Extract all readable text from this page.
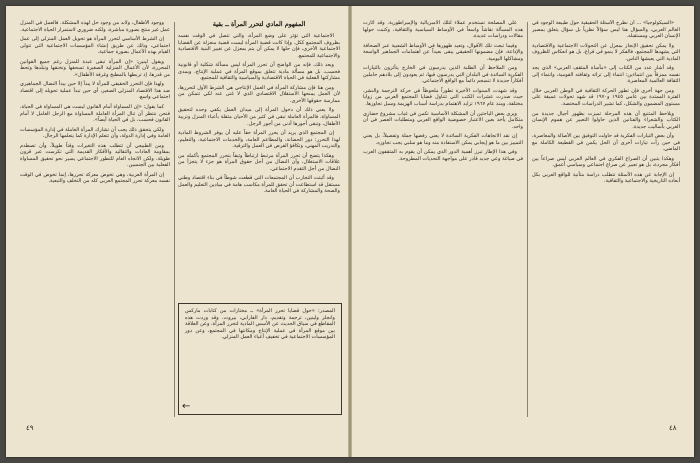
المفهوم المادي لتحرر المرأة ــ بقية

الاجتماعية التي تؤثر على وضع المرأة، والتي تتصل في الوقت نفسه بظروف المجتمع ككل. وإذا كانت قضية المرأة ليست قضية منعزلة عن القضايا الاجتماعية الأخرى، فإن حلها لا يمكن أن يتم بمعزل عن تغيير البنية الاقتصادية والاجتماعية للمجتمع.

وبعد ذلك، فإنه من الواضح أن تحرر المرأة ليس مسألة شكلية أو قانونية فحسب، بل هو مسألة مادية تتعلق بموقع المرأة في عملية الإنتاج، وبمدى مشاركتها الفعلية في الحياة الاقتصادية والسياسية والثقافية للمجتمع.

ومن هنا فإن مشاركة المرأة في العمل الإنتاجي هي الشرط الأول لتحررها، لأن العمل يمنحها الاستقلال الاقتصادي الذي لا غنى عنه لكي تتمكن من ممارسة حقوقها الأخرى.

ولا يعني ذلك أن دخول المرأة إلى ميدان العمل يكفي وحده لتحقيق المساواة، فالمرأة العاملة تبقى في كثير من الأحيان مثقلة بأعباء المنزل وتربية الأطفال، وتبقى أجورها أدنى من أجور الرجل.

إن المجتمع الذي يريد أن يحرر المرأة حقاً عليه أن يوفر الشروط المادية لهذا التحرر: دور الحضانة، والمطاعم العامة، والخدمات الاجتماعية، والتعليم، والتدريب المهني، وتكافؤ الفرص في العمل والترقية.

وهكذا يتضح أن تحرر المرأة مرتبط ارتباطاً وثيقاً بتحرر المجتمع بأكمله من علاقات الاستغلال، وأن النضال من أجل حقوق المرأة هو جزء لا يتجزأ من النضال من أجل التقدم الاجتماعي.

وقد أثبتت التجارب أن المجتمعات التي قطعت شوطاً في بناء اقتصاد وطني مستقل قد استطاعت أن تحقق للمرأة مكاسب هامة في ميادين التعليم والعمل والصحة والمشاركة في الحياة العامة.

ووجود الأطفال، ولابد من وجود حل لهذه المشكلة. فالعمل في المنزل عمل غير منتج بصورة مباشرة، ولكنه ضروري لاستمرار الحياة الاجتماعية.

إن الشرط الأساسي لتحرر المرأة هو تحويل العمل المنزلي إلى عمل اجتماعي، وذلك عن طريق إنشاء المؤسسات الاجتماعية التي تتولى القيام بهذه الأعمال بصورة جماعية.

ويقول لينين: «إن المرأة تبقى عبدة للمنزل رغم جميع القوانين المحررة، لأن الأعمال المنزلية الصغيرة تسحقها وتخنقها وتبلدها وتحط من قدرها، إذ تربطها بالمطبخ وغرفة الأطفال».

ولهذا فإن التحرر الحقيقي للمرأة لا يبدأ إلا حين يبدأ النضال الجماهيري ضد هذا الاقتصاد المنزلي الصغير، أي حين تبدأ عملية تحويله إلى اقتصاد اجتماعي واسع.

كما يقول: «إن المساواة أمام القانون ليست هي المساواة في الحياة، فنحن ننتظر أن تنال المرأة العاملة المساواة مع الرجل العامل لا أمام القانون فحسب، بل في الحياة أيضاً».

ولكي يتحقق ذلك يجب أن تشارك المرأة العاملة في إدارة المؤسسات العامة وفي إدارة الدولة، وأن تتعلم الإدارة كما يتعلمها الرجال.

ومن الطبيعي أن تتطلب هذه التغيرات وقتاً طويلاً، وأن تصطدم بمقاومة العادات والتقاليد والأفكار القديمة التي تكرست عبر قرون طويلة، ولكن الاتجاه العام للتطور الاجتماعي يسير نحو تحقيق المساواة الفعلية بين الجنسين.

إن المرأة العربية، وهي تخوض معركة تحررها، إنما تخوض في الوقت نفسه معركة تحرر المجتمع العربي كله من التخلف والتبعية.

المصدر: «حول قضايا تحرر المرأة» ــ مختارات من كتابات ماركس وانجلز ولينين، ترجمة وتقديم، دار الفارابي، بيروت. وقد وردت هذه المقاطع في سياق الحديث عن الأسس المادية لتحرر المرأة، وعن العلاقة بين موقع المرأة في عملية الإنتاج ومكانتها في المجتمع، وعن دور المؤسسات الاجتماعية في تخفيف أعباء العمل المنزلي.

←
٤٩

علي المصلحة تستخدم عملاء لتلك الامبريالية والإمبراطورية. وقد أثارت هذه المسألة نقاشاً واسعاً في الأوساط السياسية والثقافية، وكتبت حولها مقالات ودراسات عديدة.

وفيما تبعث تلك الأقوال، وتعيد ظهورها في الأوساط الشعبية عبر الصحافة والإذاعة، فإن مضمونها الحقيقي يبقى بعيداً عن اهتمامات الجماهير الواسعة ومشاكلها اليومية.

ومن الملاحظ أن الطلبة الذين يدرسون في الخارج يتأثرون بالتيارات الفكرية السائدة في البلدان التي يدرسون فيها، ثم يعودون إلى بلادهم حاملين أفكاراً جديدة لا تنسجم دائماً مع الواقع الاجتماعي.

وقد شهدت السنوات الأخيرة تطوراً ملحوظاً في حركة الترجمة والنشر، حيث صدرت عشرات الكتب التي تتناول قضايا المجتمع العربي من زوايا مختلفة، ومنذ عام ١٩٦٧ تزايد الاهتمام بدراسة أسباب الهزيمة وسبل تجاوزها.

ويرى بعض الباحثين أن المشكلة الأساسية تكمن في غياب مشروع حضاري متكامل يأخذ بعين الاعتبار خصوصية الواقع العربي ومتطلبات العصر في آن واحد.

إن نقد الاتجاهات الفكرية السائدة لا يعني رفضها جملة وتفصيلاً، بل يعني التمييز بين ما هو إيجابي يمكن الاستفادة منه وما هو سلبي يجب تجاوزه.

وفي هذا الإطار تبرز أهمية الدور الذي يمكن أن يقوم به المثقفون العرب في صياغة وعي جديد قادر على مواجهة التحديات المطروحة.

«السيكولوجيا» ... أن نطرح الأسئلة الحقيقية حول طبيعة الوجود في العالم العربي، والسؤال هنا ليس سؤالاً نظرياً بل سؤال يتعلق بمصير الإنسان العربي ومستقبله.

ولا يمكن تحقيق الإنجاز بمعزل عن التحولات الاجتماعية والاقتصادية التي يشهدها المجتمع، فالفكر لا ينمو في فراغ، بل هو انعكاس للظروف المادية التي يعيشها الناس.

وقد أشار عدد من الكتاب إلى «مأساة المثقف العربي» الذي يجد نفسه ممزقاً بين انتماءين: انتماء إلى تراثه وثقافته القومية، وانتماء إلى الثقافة العالمية المعاصرة.

ومن جهة أخرى فإن تطور الحركة الثقافية في الوطن العربي خلال الفترة الممتدة بين عامي ١٩٤٥ و١٩٧٠ قد شهد تحولات عميقة على مستوى المضمون والشكل، كما تشير الدراسات المختصة.

ويلاحظ المتتبع أن هذه المرحلة تميزت بظهور أجيال جديدة من الكتاب والشعراء والفنانين الذين حاولوا التعبير عن هموم الإنسان العربي بأساليب جديدة.

وأن بعض التيارات الفكرية قد حاولت التوفيق بين الأصالة والمعاصرة، في حين رأت تيارات أخرى أن الحل يكمن في القطيعة الكاملة مع الماضي.

وهكذا يتبين أن الصراع الفكري في العالم العربي ليس صراعاً بين أفكار مجردة، بل هو تعبير عن صراع اجتماعي وسياسي أعمق.

إن الإجابة عن هذه الأسئلة تتطلب دراسة متأنية للواقع العربي بكل أبعاده التاريخية والاجتماعية والثقافية.

٤٨
